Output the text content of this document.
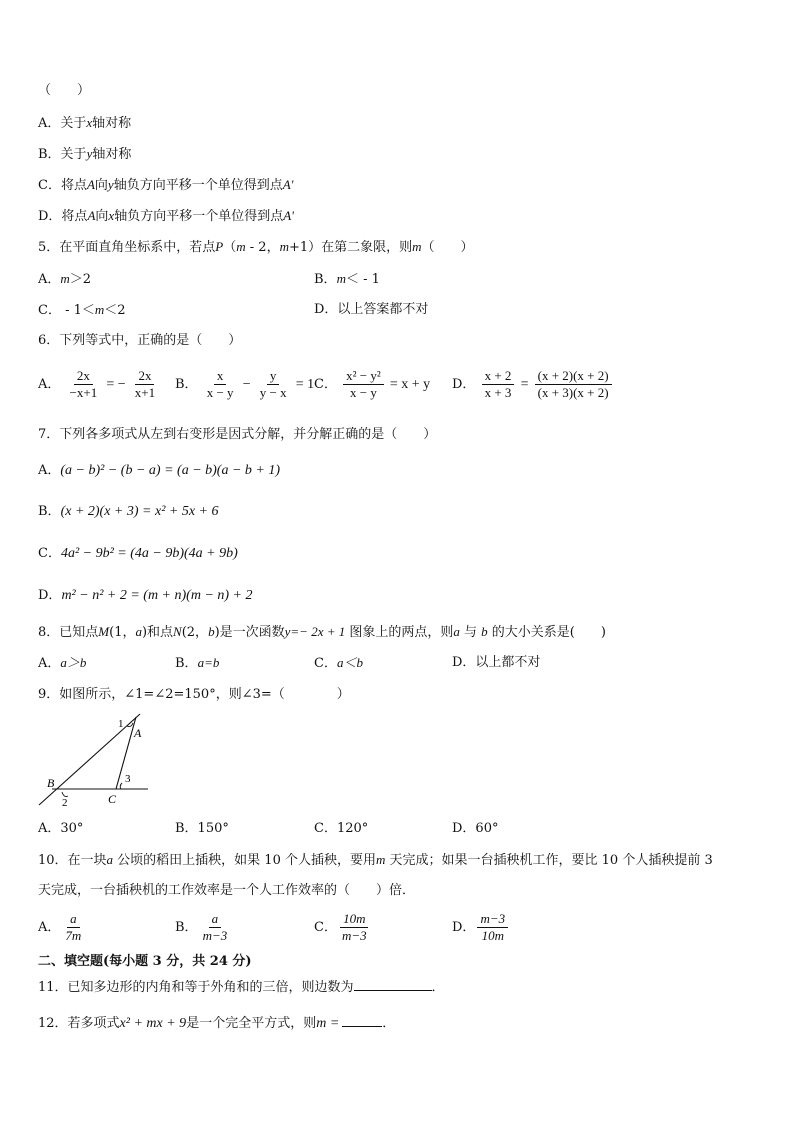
（　　）
A．关于x轴对称
B．关于y轴对称
C．将点A向y轴负方向平移一个单位得到点A'
D．将点A向x轴负方向平移一个单位得到点A'
5．在平面直角坐标系中，若点P（m - 2，m+1）在第二象限，则m（　　）
A．m＞2	B．m＜ - 1
C． - 1＜m＜2	D．以上答案都不对
6．下列等式中，正确的是（　　）
A． $\frac{2x}{-x+1}$ = − $\frac{2x}{x+1}$ B． $\frac{x}{x - y} - \frac{y}{y - x} = 1$ C． $\frac{\text{x² − y²}}{x - y} = x + y$ D． $\frac{x + 2}{x + 3} = \frac{(x + 2)(x + 2)}{(x + 3)(x + 2)}$
7．下列各多项式从左到右变形是因式分解，并分解正确的是（　　）
A．(a − b)² − (b − a) = (a − b)(a − b + 1)
B．(x + 2)(x + 3) = x² + 5x + 6
C．4a² − 9b² = (4a − 9b)(4a + 9b)
D．m² − n² + 2 = (m + n)(m − n) + 2
8．已知点M(1，a)和点N(2，b)是一次函数y=− 2x + 1 图象上的两点，则a 与 b 的大小关系是(　　)
A．a＞b	B．a=b	C．a＜b	D．以上都不对
9．如图所示，∠1=∠2=150°，则∠3=（　　　　）
1
A
B
2	C
3
A．30°	B．150°	C．120°	D．60°
10．在一块a 公顷的稻田上插秧，如果 10 个人插秧，要用m 天完成；如果一台插秧机工作，要比 10 个人插秧提前 3
天完成，一台插秧机的工作效率是一个人工作效率的（　　）倍．
A． $\frac{a}{7m}$	B． $\frac{a}{m-3}$	C． $\frac{10m}{m-3}$	D． $\frac{m-3}{10m}$
二、填空题(每小题 3 分，共 24 分)
11．已知多边形的内角和等于外角和的三倍，则边数为	．
12．若多项式x² + mx + 9是一个完全平方式，则m =	．
